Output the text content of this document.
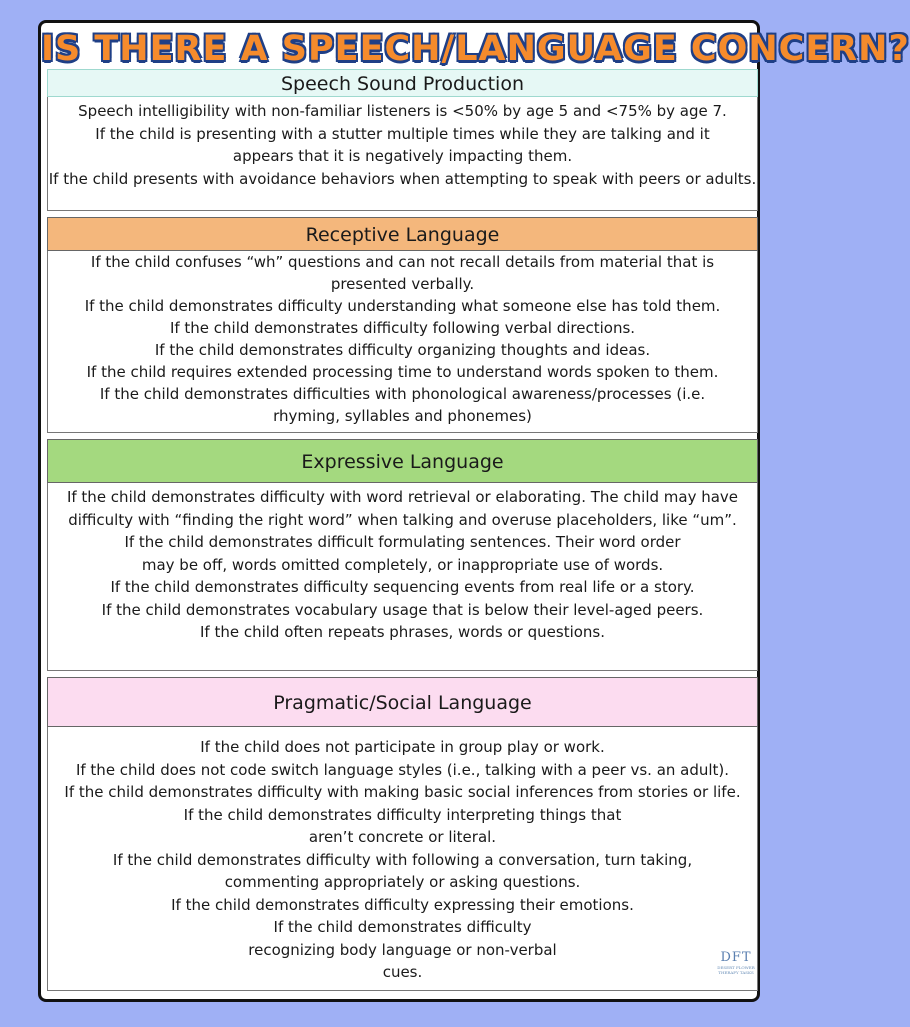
IS THERE A SPEECH/LANGUAGE CONCERN?
Speech Sound Production

Speech intelligibility with non-familiar listeners is <50% by age 5 and <75% by age 7.

If the child is presenting with a stutter multiple times while they are talking and it appears that it is negatively impacting them.

If the child presents with avoidance behaviors when attempting to speak with peers or adults.

Receptive Language

If the child confuses “wh” questions and can not recall details from material that is presented verbally.

If the child demonstrates difficulty understanding what someone else has told them.

If the child demonstrates difficulty following verbal directions.

If the child demonstrates difficulty organizing thoughts and ideas.

If the child requires extended processing time to understand words spoken to them.

If the child demonstrates difficulties with phonological awareness/processes (i.e. rhyming, syllables and phonemes)

Expressive Language

If the child demonstrates difficulty with word retrieval or elaborating. The child may have difficulty with “finding the right word” when talking and overuse placeholders, like “um”.

If the child demonstrates difficult formulating sentences. Their word order may be off, words omitted completely, or inappropriate use of words.

If the child demonstrates difficulty sequencing events from real life or a story.

If the child demonstrates vocabulary usage that is below their level-aged peers.

If the child often repeats phrases, words or questions.

Pragmatic/Social Language

If the child does not participate in group play or work.

If the child does not code switch language styles (i.e., talking with a peer vs. an adult).

If the child demonstrates difficulty with making basic social inferences from stories or life.

If the child demonstrates difficulty interpreting things that aren’t concrete or literal.

If the child demonstrates difficulty with following a conversation, turn taking, commenting appropriately or asking questions.

If the child demonstrates difficulty expressing their emotions.

If the child demonstrates difficulty recognizing body language or non-verbal cues.

DFT
DESERT FLOWER THERAPY TASKS
